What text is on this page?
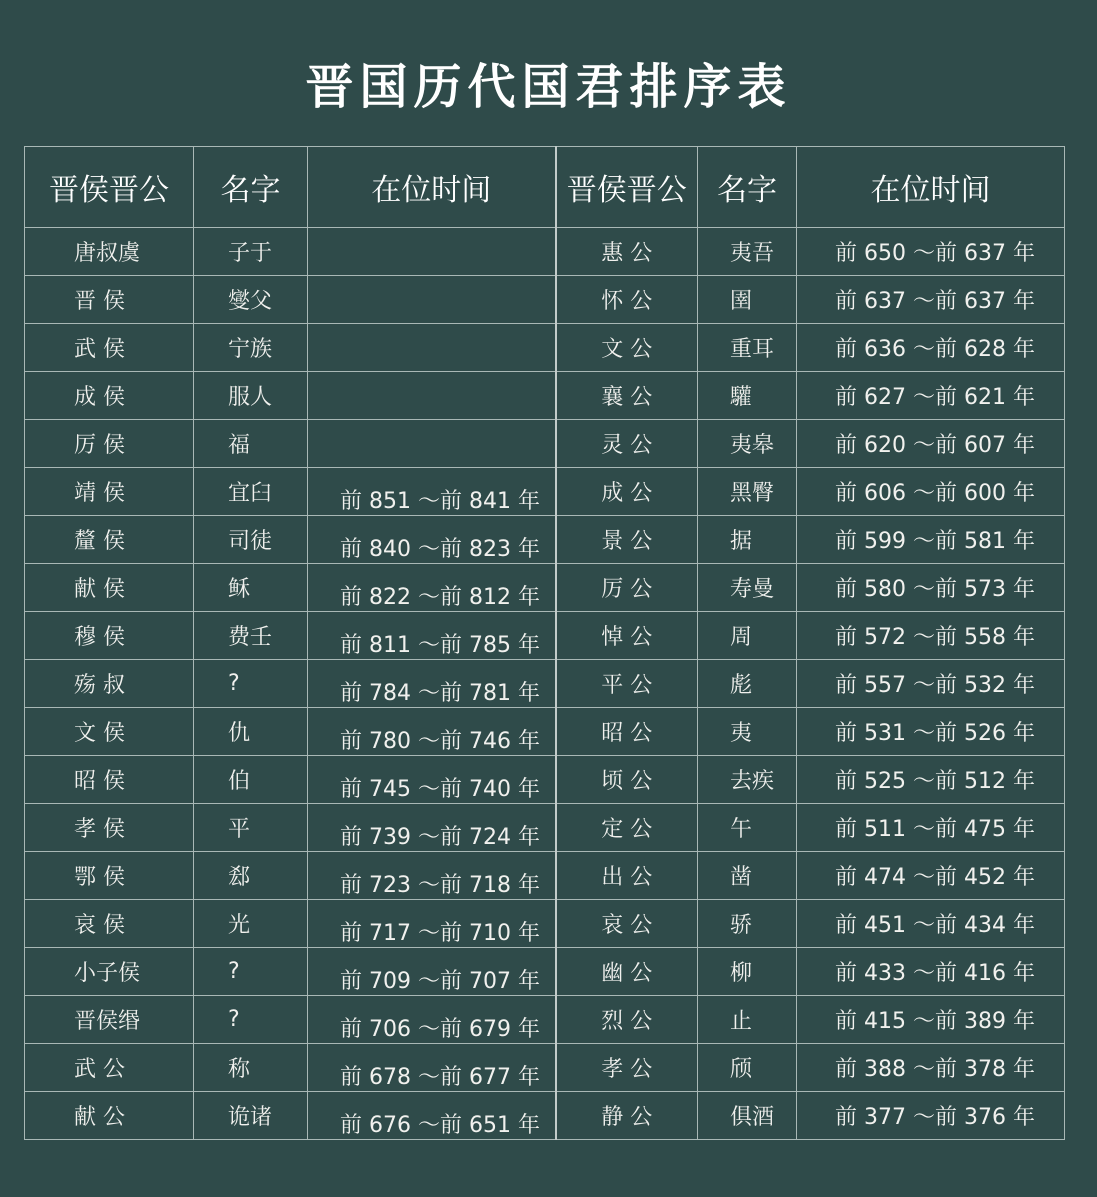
晋国历代国君排序表
晋侯晋公	名字	在位时间	晋侯晋公	名字	在位时间
唐叔虞	子于		惠 公	夷吾	前 650 ～前 637 年
晋 侯	燮父		怀 公	圉	前 637 ～前 637 年
武 侯	宁族		文 公	重耳	前 636 ～前 628 年
成 侯	服人		襄 公	驩	前 627 ～前 621 年
厉 侯	福		灵 公	夷皋	前 620 ～前 607 年
靖 侯	宜臼	前 851 ～前 841 年	成 公	黑臀	前 606 ～前 600 年
釐 侯	司徒	前 840 ～前 823 年	景 公	据	前 599 ～前 581 年
献 侯	稣	前 822 ～前 812 年	厉 公	寿曼	前 580 ～前 573 年
穆 侯	费壬	前 811 ～前 785 年	悼 公	周	前 572 ～前 558 年
殇 叔	?	前 784 ～前 781 年	平 公	彪	前 557 ～前 532 年
文 侯	仇	前 780 ～前 746 年	昭 公	夷	前 531 ～前 526 年
昭 侯	伯	前 745 ～前 740 年	顷 公	去疾	前 525 ～前 512 年
孝 侯	平	前 739 ～前 724 年	定 公	午	前 511 ～前 475 年
鄂 侯	郄	前 723 ～前 718 年	出 公	凿	前 474 ～前 452 年
哀 侯	光	前 717 ～前 710 年	哀 公	骄	前 451 ～前 434 年
小子侯	?	前 709 ～前 707 年	幽 公	柳	前 433 ～前 416 年
晋侯缗	?	前 706 ～前 679 年	烈 公	止	前 415 ～前 389 年
武 公	称	前 678 ～前 677 年	孝 公	颀	前 388 ～前 378 年
献 公	诡诸	前 676 ～前 651 年	静 公	俱酒	前 377 ～前 376 年
